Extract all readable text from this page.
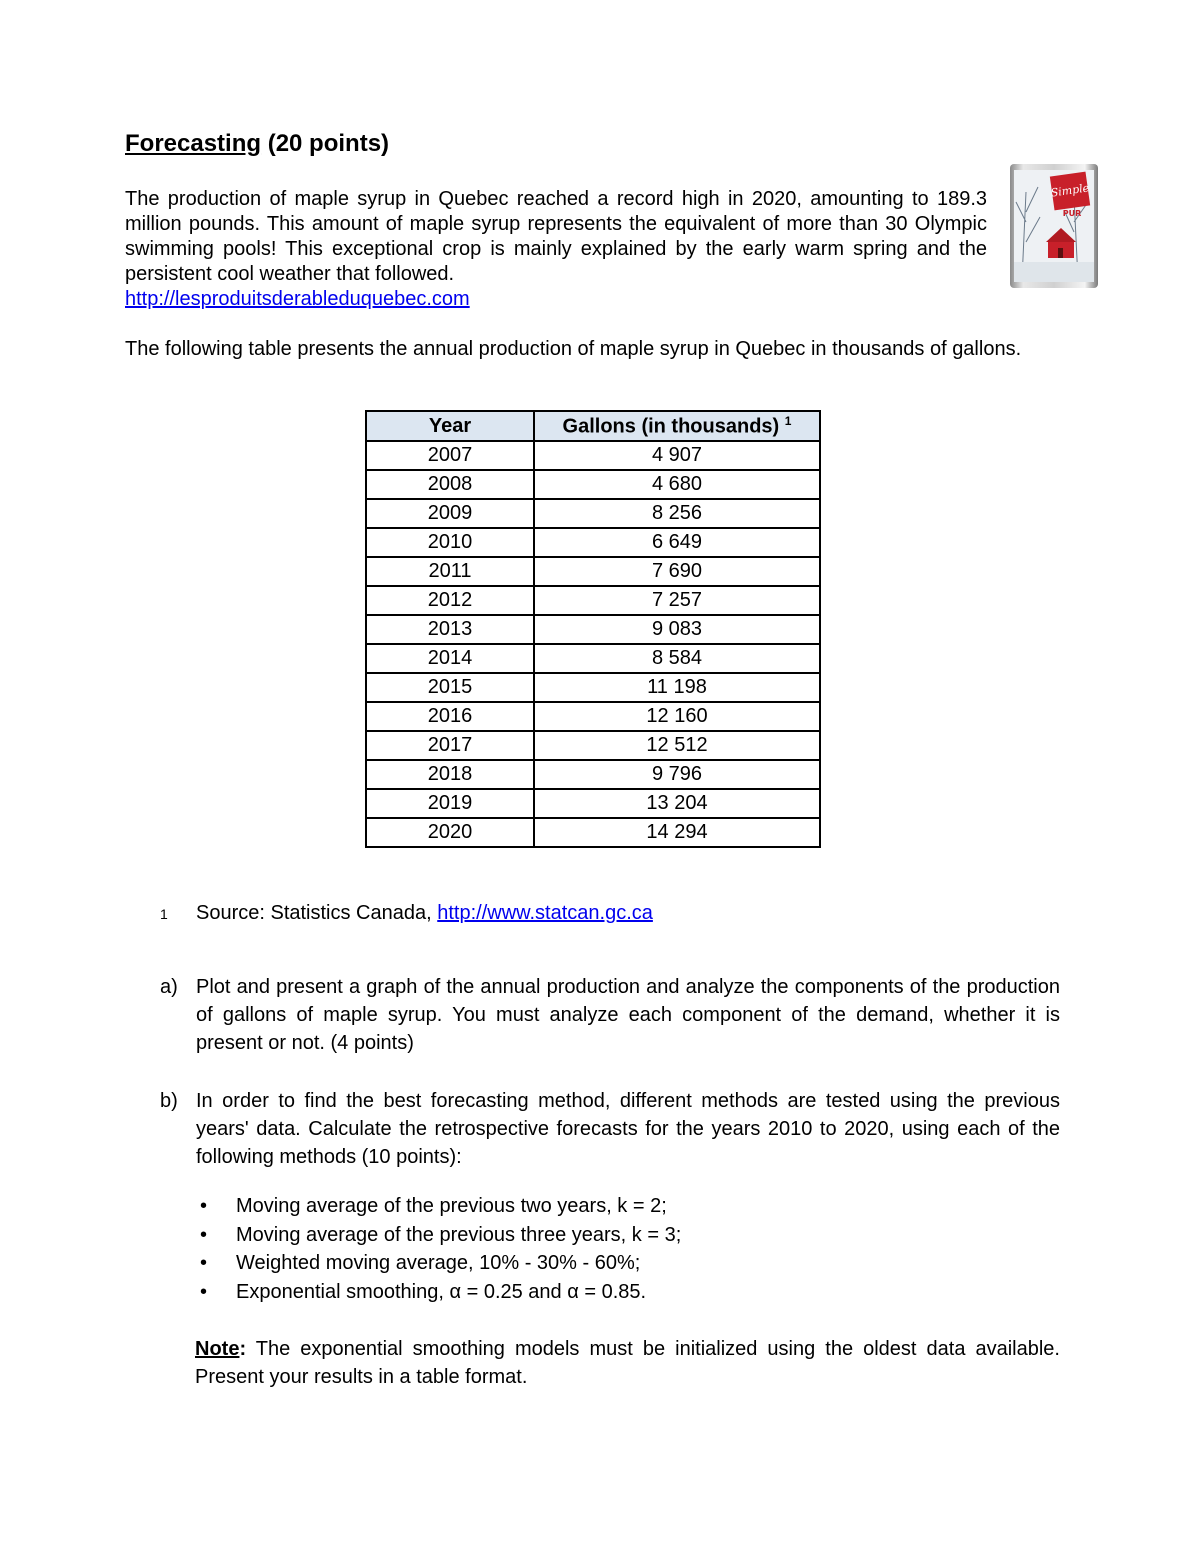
Forecasting (20 points)
The production of maple syrup in Quebec reached a record high in 2020, amounting to 189.3 million pounds. This amount of maple syrup represents the equivalent of more than 30 Olympic swimming pools! This exceptional crop is mainly explained by the early warm spring and the persistent cool weather that followed.
http://lesproduitsderableduquebec.com
Simple
PUR
The following table presents the annual production of maple syrup in Quebec in thousands of gallons.
Year	Gallons (in thousands) $^1$
2007	4 907
2008	4 680
2009	8 256
2010	6 649
2011	7 690
2012	7 257
2013	9 083
2014	8 584
2015	11 198
2016	12 160
2017	12 512
2018	9 796
2019	13 204
2020	14 294
1 Source: Statistics Canada, http://www.statcan.gc.ca
a) Plot and present a graph of the annual production and analyze the components of the production of gallons of maple syrup. You must analyze each component of the demand, whether it is present or not. (4 points)
b) In order to find the best forecasting method, different methods are tested using the previous years' data. Calculate the retrospective forecasts for the years 2010 to 2020, using each of the following methods (10 points):
• Moving average of the previous two years, k = 2;
• Moving average of the previous three years, k = 3;
• Weighted moving average, 10% - 30% - 60%;
• Exponential smoothing, α = 0.25 and α = 0.85.
Note: The exponential smoothing models must be initialized using the oldest data available. Present your results in a table format.
